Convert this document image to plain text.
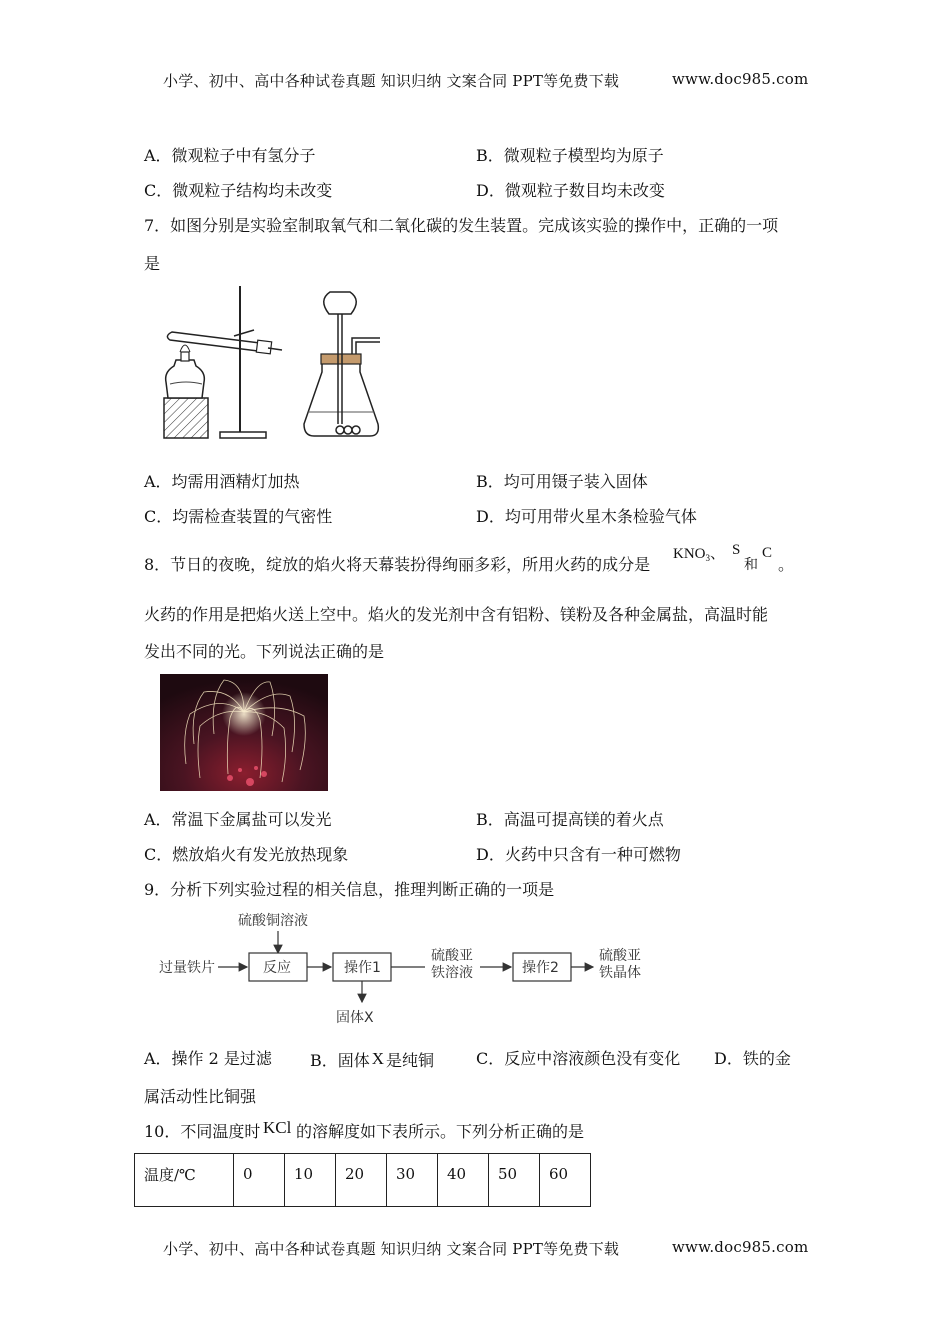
小学、初中、高中各种试卷真题 知识归纳 文案合同 PPT等免费下载	www.doc985.com
A．微观粒子中有氢分子	B．微观粒子模型均为原子
C．微观粒子结构均未改变	D．微观粒子数目均未改变
7．如图分别是实验室制取氧气和二氧化碳的发生装置。完成该实验的操作中，正确的一项
是
A．均需用酒精灯加热	B．均可用镊子装入固体
C．均需检查装置的气密性	D．均可用带火星木条检验气体
8．节日的夜晚，绽放的焰火将天幕装扮得绚丽多彩，所用火药的成分是
$KNO_3$、 S
和
C
。
火药的作用是把焰火送上空中。焰火的发光剂中含有铝粉、镁粉及各种金属盐，高温时能
发出不同的光。下列说法正确的是
A．常温下金属盐可以发光	B．高温可提高镁的着火点
C．燃放焰火有发光放热现象	D．火药中只含有一种可燃物
9．分析下列实验过程的相关信息，推理判断正确的一项是
硫酸铜溶液
过量铁片	反应	操作1
固体X
硫酸亚
铁溶液	操作2
硫酸亚
铁晶体
A．操作 2 是过滤 B．固体 X 是纯铜	C．反应中溶液颜色没有变化 D．铁的金
属活动性比铜强
10．不同温度时 KCl 的溶解度如下表所示。下列分析正确的是
温度/℃	0	10	20	30	40	50	60
小学、初中、高中各种试卷真题 知识归纳 文案合同 PPT等免费下载	www.doc985.com
